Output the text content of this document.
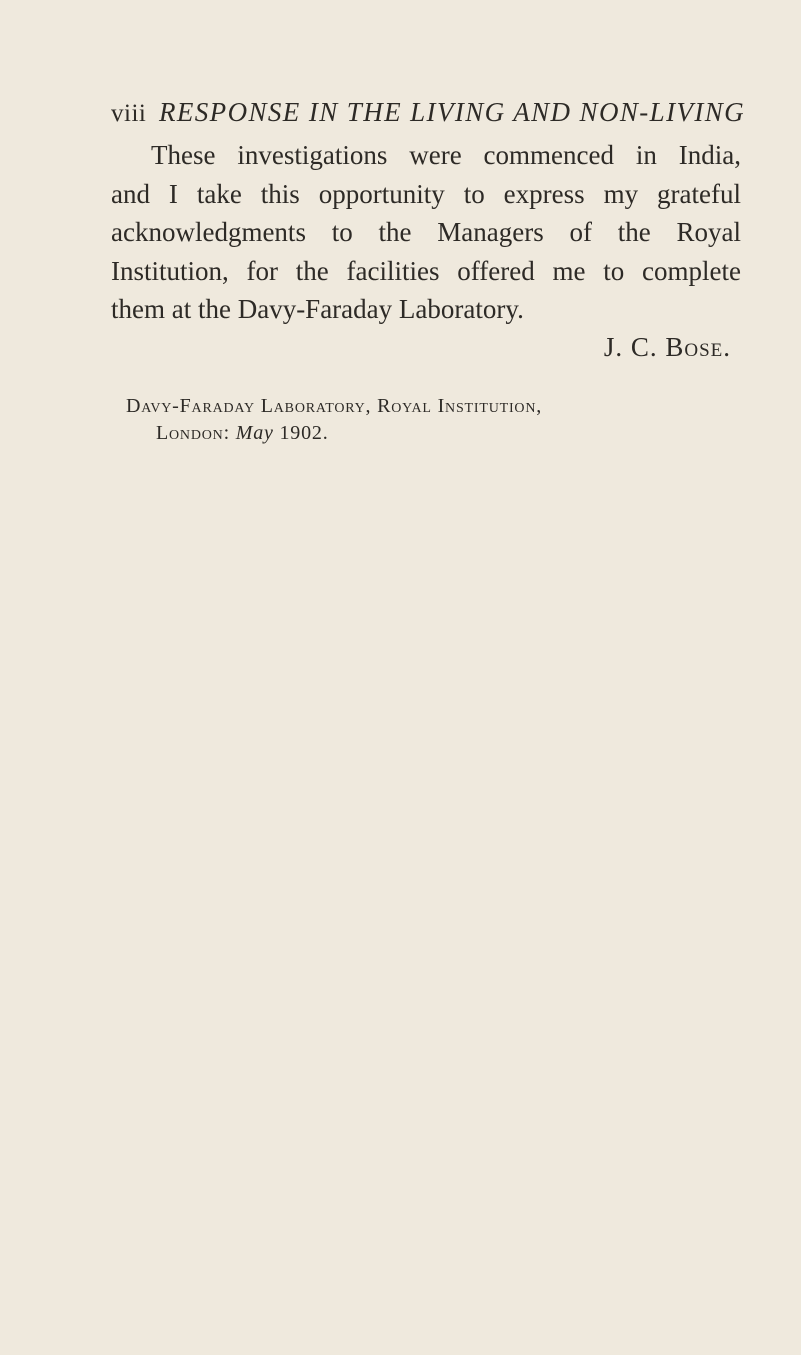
viii RESPONSE IN THE LIVING AND NON-LIVING
These investigations were commenced in India,
and I take this opportunity to express my grateful
acknowledgments to the Managers of the Royal
Institution, for the facilities offered me to complete
them at the Davy-Faraday Laboratory.
J. C. Bose.
Davy-Faraday Laboratory, Royal Institution,
London: May 1902.
